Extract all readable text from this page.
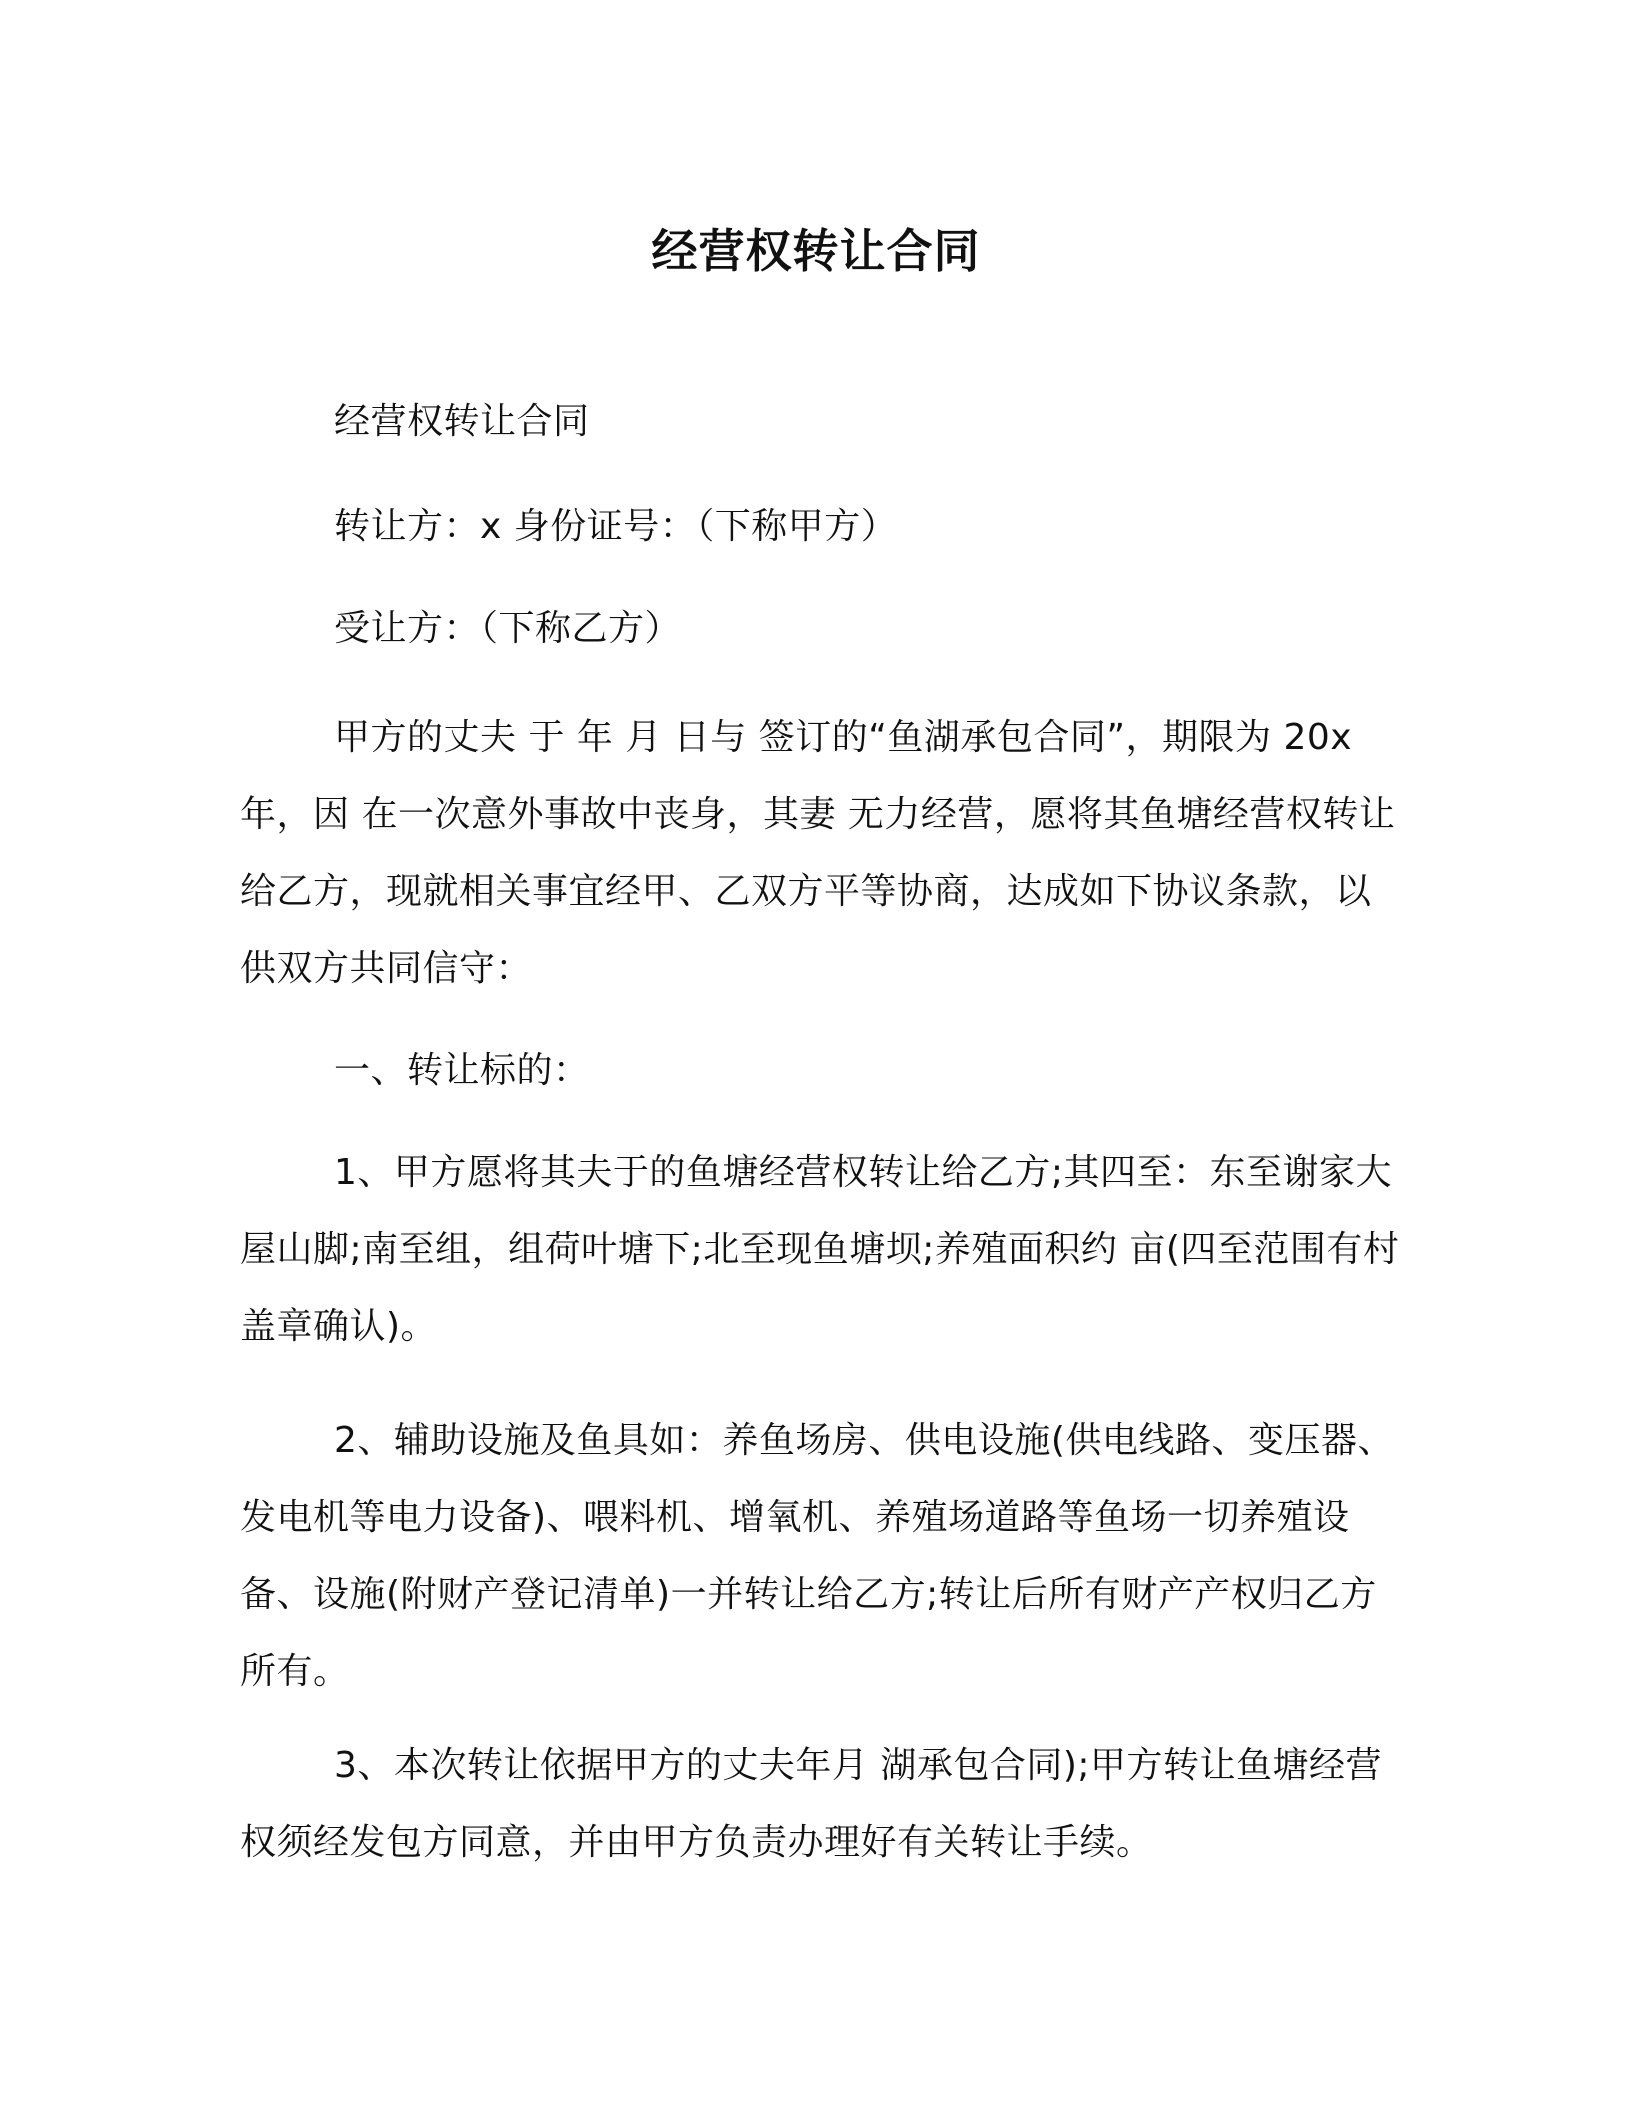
经营权转让合同

经营权转让合同

转让方：x 身份证号：（下称甲方）

受让方：（下称乙方）

甲方的丈夫 于 年 月 日与 签订的“鱼湖承包合同”，期限为 20x 年，因 在一次意外事故中丧身，其妻 无力经营，愿将其鱼塘经营权转让给乙方，现就相关事宜经甲、乙双方平等协商，达成如下协议条款，以供双方共同信守：

一、转让标的：

1、甲方愿将其夫于的鱼塘经营权转让给乙方;其四至：东至谢家大屋山脚;南至组，组荷叶塘下;北至现鱼塘坝;养殖面积约 亩(四至范围有村盖章确认)。

2、辅助设施及鱼具如：养鱼场房、供电设施(供电线路、变压器、发电机等电力设备)、喂料机、增氧机、养殖场道路等鱼场一切养殖设备、设施(附财产登记清单)一并转让给乙方;转让后所有财产产权归乙方所有。

3、本次转让依据甲方的丈夫年月 湖承包合同);甲方转让鱼塘经营权须经发包方同意，并由甲方负责办理好有关转让手续。
